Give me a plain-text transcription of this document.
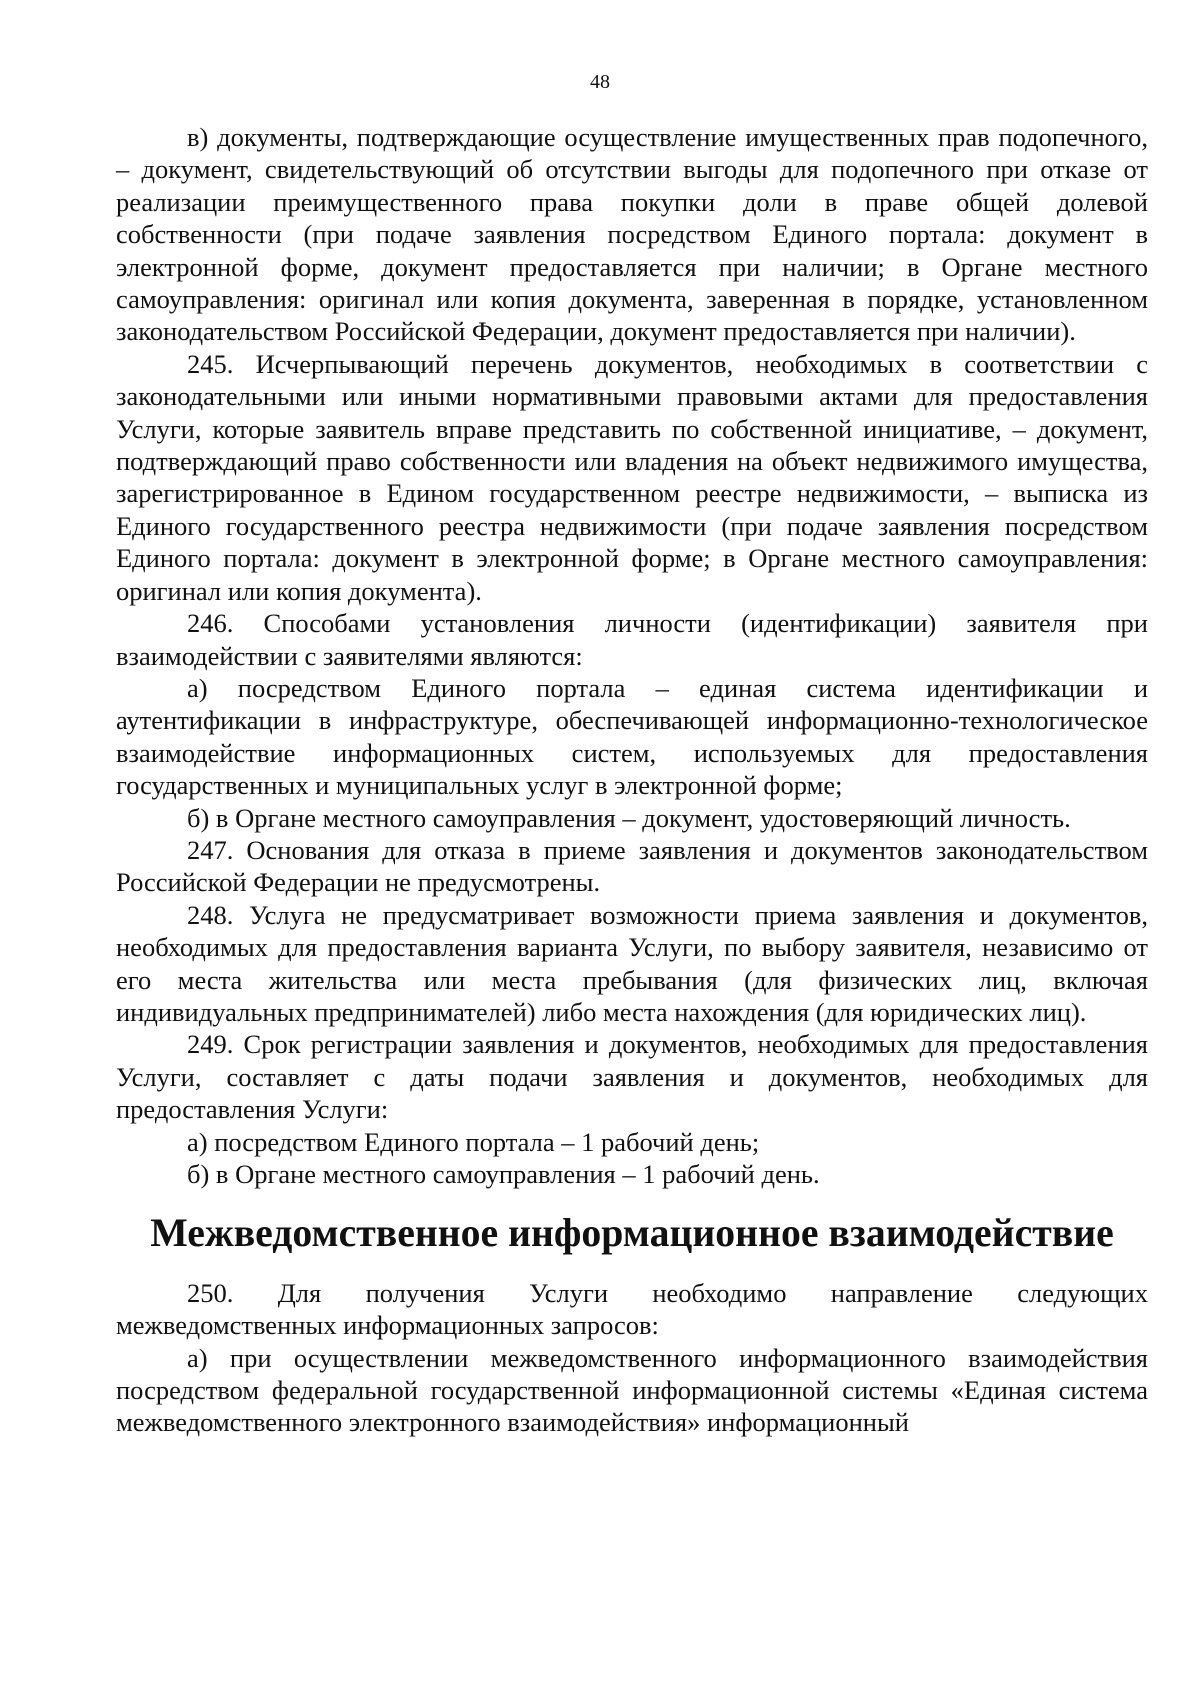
48

в) документы, подтверждающие осуществление имущественных прав подопечного, – документ, свидетельствующий об отсутствии выгоды для подопечного при отказе от реализации преимущественного права покупки доли в праве общей долевой собственности (при подаче заявления посредством Единого портала: документ в электронной форме, документ предоставляется при наличии; в Органе местного самоуправления: оригинал или копия документа, заверенная в порядке, установленном законодательством Российской Федерации, документ предоставляется при наличии).

245. Исчерпывающий перечень документов, необходимых в соответствии с законодательными или иными нормативными правовыми актами для предоставления Услуги, которые заявитель вправе представить по собственной инициативе, – документ, подтверждающий право собственности или владения на объект недвижимого имущества, зарегистрированное в Едином государственном реестре недвижимости, – выписка из Единого государственного реестра недвижимости (при подаче заявления посредством Единого портала: документ в электронной форме; в Органе местного самоуправления: оригинал или копия документа).

246. Способами установления личности (идентификации) заявителя при взаимодействии с заявителями являются:

а) посредством Единого портала – единая система идентификации и аутентификации в инфраструктуре, обеспечивающей информационно-технологическое взаимодействие информационных систем, используемых для предоставления государственных и муниципальных услуг в электронной форме;

б) в Органе местного самоуправления – документ, удостоверяющий личность.

247. Основания для отказа в приеме заявления и документов законодательством Российской Федерации не предусмотрены.

248. Услуга не предусматривает возможности приема заявления и документов, необходимых для предоставления варианта Услуги, по выбору заявителя, независимо от его места жительства или места пребывания (для физических лиц, включая индивидуальных предпринимателей) либо места нахождения (для юридических лиц).

249. Срок регистрации заявления и документов, необходимых для предоставления Услуги, составляет с даты подачи заявления и документов, необходимых для предоставления Услуги:

а) посредством Единого портала – 1 рабочий день;

б) в Органе местного самоуправления – 1 рабочий день.

Межведомственное информационное взаимодействие

250. Для получения Услуги необходимо направление следующих межведомственных информационных запросов:

а) при осуществлении межведомственного информационного взаимодействия посредством федеральной государственной информационной системы «Единая система межведомственного электронного взаимодействия» информационный
